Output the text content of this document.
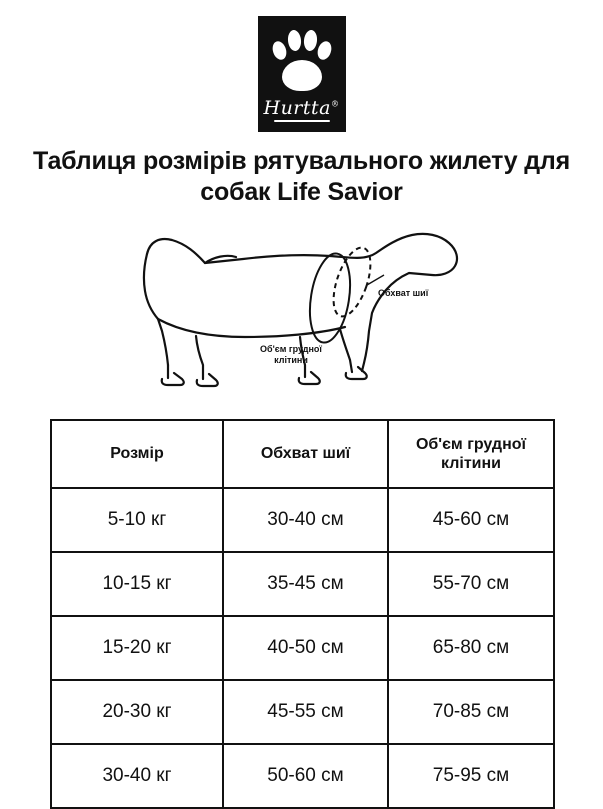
Hurtta®
Таблиця розмірів рятувального жилету для собак Life Savior
Обхват шиї
Об'єм грудної
клітини
Розмір	Обхват шиї	Об'єм грудної
клітини
5-10 кг	30-40 см	45-60 см
10-15 кг	35-45 см	55-70 см
15-20 кг	40-50 см	65-80 см
20-30 кг	45-55 см	70-85 см
30-40 кг	50-60 см	75-95 см
